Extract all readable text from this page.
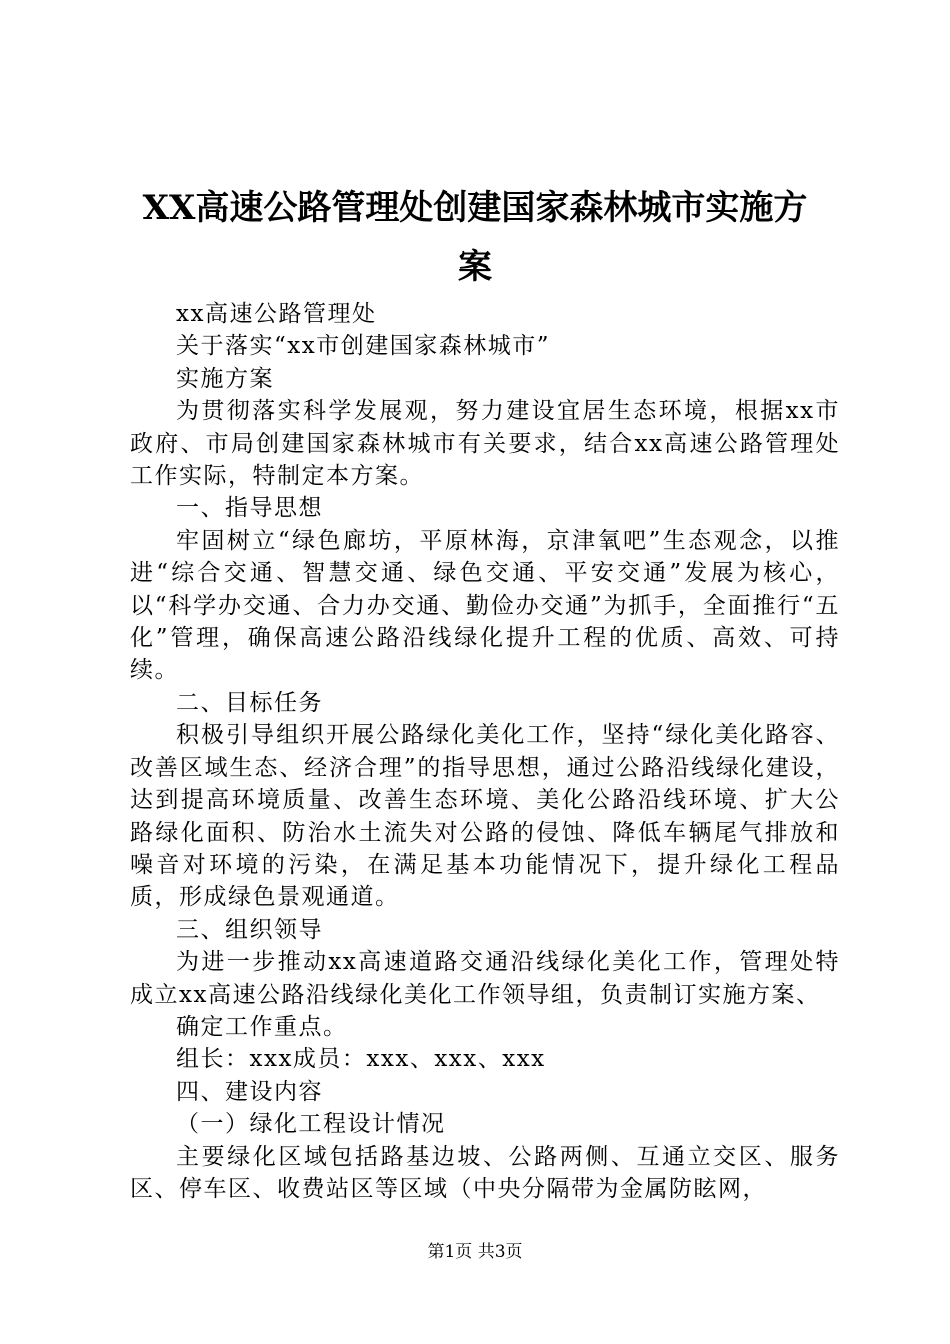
XX高速公路管理处创建国家森林城市实施方
案

xx高速公路管理处

关于落实“xx市创建国家森林城市”

实施方案

为贯彻落实科学发展观，努力建设宜居生态环境，根据xx市政府、市局创建国家森林城市有关要求，结合xx高速公路管理处工作实际，特制定本方案。

一、指导思想

牢固树立“绿色廊坊，平原林海，京津氧吧”生态观念，以推进“综合交通、智慧交通、绿色交通、平安交通”发展为核心，以“科学办交通、合力办交通、勤俭办交通”为抓手，全面推行“五化”管理，确保高速公路沿线绿化提升工程的优质、高效、可持续。

二、目标任务

积极引导组织开展公路绿化美化工作，坚持“绿化美化路容、改善区域生态、经济合理”的指导思想，通过公路沿线绿化建设，达到提高环境质量、改善生态环境、美化公路沿线环境、扩大公路绿化面积、防治水土流失对公路的侵蚀、降低车辆尾气排放和噪音对环境的污染，在满足基本功能情况下，提升绿化工程品质，形成绿色景观通道。

三、组织领导

为进一步推动xx高速道路交通沿线绿化美化工作，管理处特成立xx高速公路沿线绿化美化工作领导组，负责制订实施方案、

确定工作重点。

组长：xxx成员：xxx、xxx、xxx

四、建设内容

（一）绿化工程设计情况

主要绿化区域包括路基边坡、公路两侧、互通立交区、服务区、停车区、收费站区等区域（中央分隔带为金属防眩网，

第1页 共3页
